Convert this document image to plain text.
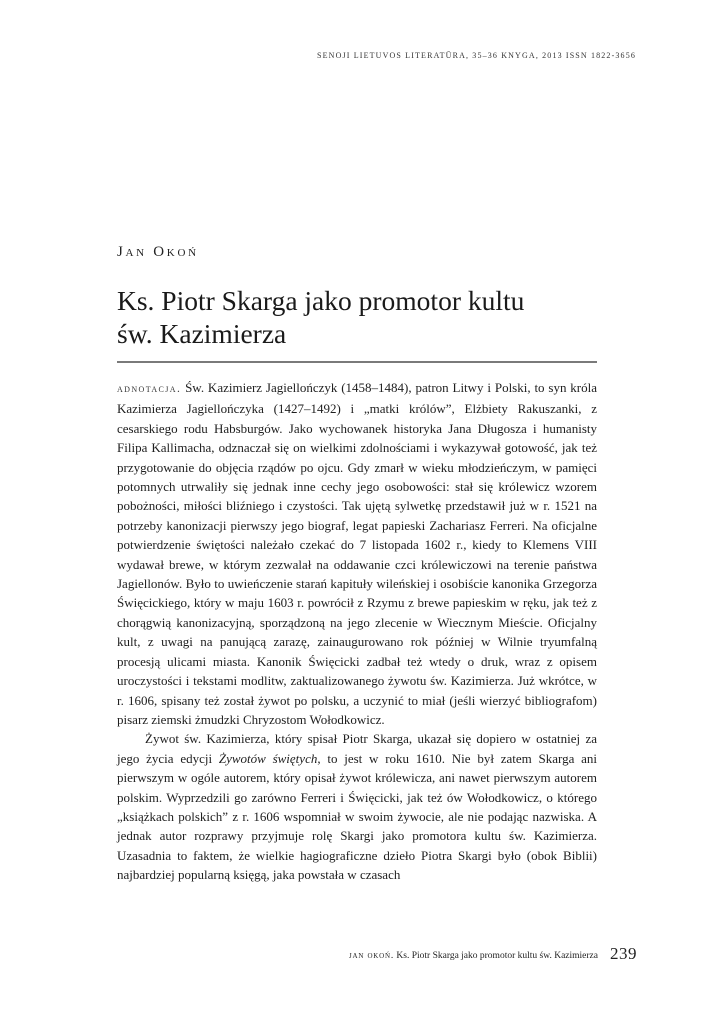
SENOJI LIETUVOS LITERATŪRA, 35–36 KNYGA, 2013 ISSN 1822-3656
Jan Okoń
Ks. Piotr Skarga jako promotor kultu
św. Kazimierza

adnotacja. Św. Kazimierz Jagiellończyk (1458–1484), patron Litwy i Polski, to syn króla Kazimierza Jagiellończyka (1427–1492) i „matki królów”, Elżbiety Rakuszanki, z cesarskiego rodu Habsburgów. Jako wychowanek historyka Jana Długosza i humanisty Filipa Kallimacha, odznaczał się on wielkimi zdolnościami i wykazywał gotowość, jak też przygotowanie do objęcia rządów po ojcu. Gdy zmarł w wieku młodzieńczym, w pamięci potomnych utrwaliły się jednak inne cechy jego osobowości: stał się królewicz wzorem pobożności, miłości bliźniego i czystości. Tak ujętą sylwetkę przedstawił już w r. 1521 na potrzeby kanonizacji pierwszy jego biograf, legat papieski Zachariasz Ferreri. Na oficjalne potwierdzenie świętości należało czekać do 7 listopada 1602 r., kiedy to Klemens VIII wydawał brewe, w którym zezwalał na oddawanie czci królewiczowi na terenie państwa Jagiellonów. Było to uwieńczenie starań kapituły wileńskiej i osobiście kanonika Grzegorza Święcickiego, który w maju 1603 r. powrócił z Rzymu z brewe papieskim w ręku, jak też z chorągwią kanonizacyjną, sporządzoną na jego zlecenie w Wiecznym Mieście. Oficjalny kult, z uwagi na panującą zarazę, zainaugurowano rok później w Wilnie tryumfalną procesją ulicami miasta. Kanonik Święcicki zadbał też wtedy o druk, wraz z opisem uroczystości i tekstami modlitw, zaktualizowanego żywotu św. Kazimierza. Już wkrótce, w r. 1606, spisany też został żywot po polsku, a uczynić to miał (jeśli wierzyć bibliografom) pisarz ziemski żmudzki Chryzostom Wołodkowicz.

Żywot św. Kazimierza, który spisał Piotr Skarga, ukazał się dopiero w ostatniej za jego życia edycji Żywotów świętych, to jest w roku 1610. Nie był zatem Skarga ani pierwszym w ogóle autorem, który opisał żywot królewicza, ani nawet pierwszym autorem polskim. Wyprzedzili go zarówno Ferreri i Święcicki, jak też ów Wołodkowicz, o którego „książkach polskich” z r. 1606 wspomniał w swoim żywocie, ale nie podając nazwiska. A jednak autor rozprawy przyjmuje rolę Skargi jako promotora kultu św. Kazimierza. Uzasadnia to faktem, że wielkie hagiograficzne dzieło Piotra Skargi było (obok Biblii) najbardziej popularną księgą, jaka powstała w czasach

jan okoń. Ks. Piotr Skarga jako promotor kultu św. Kazimierza 239
